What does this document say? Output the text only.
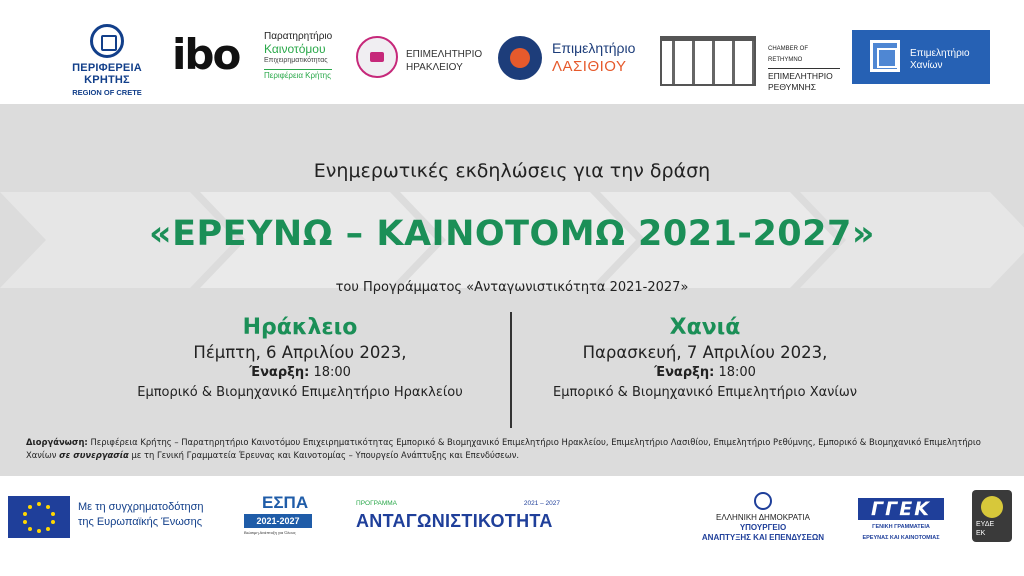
ΠΕΡΙΦΕΡΕΙΑ ΚΡΗΤΗΣ
REGION OF CRETE
ibo Παρατηρητήριο
Καινοτόμου
Επιχειρηματικότητας
Περιφέρεια Κρήτης
ΕΠΙΜΕΛΗΤΗΡΙΟ
ΗΡΑΚΛΕΙΟΥ
Επιμελητήριο
ΛΑΣΙΘΙΟΥ
CHAMBER OF RETHYMNO
ΕΠΙΜΕΛΗΤΗΡΙΟ
ΡΕΘΥΜΝΗΣ
Επιμελητήριο
Χανίων
Ενημερωτικές εκδηλώσεις για την δράση
«ΕΡΕΥΝΩ – ΚΑΙΝΟΤΟΜΩ 2021-2027»
του Προγράμματος «Ανταγωνιστικότητα 2021-2027»
Ηράκλειο
Πέμπτη, 6 Απριλίου 2023,
Έναρξη: 18:00
Εμπορικό & Βιομηχανικό Επιμελητήριο Ηρακλείου
Χανιά
Παρασκευή, 7 Απριλίου 2023,
Έναρξη: 18:00
Εμπορικό & Βιομηχανικό Επιμελητήριο Χανίων
Διοργάνωση: Περιφέρεια Κρήτης – Παρατηρητήριο Καινοτόμου Επιχειρηματικότητας Εμπορικό & Βιομηχανικό Επιμελητήριο Ηρακλείου, Επιμελητήριο Λασιθίου, Επιμελητήριο Ρεθύμνης, Εμπορικό & Βιομηχανικό Επιμελητήριο Χανίων σε συνεργασία με τη Γενική Γραμματεία Έρευνας και Καινοτομίας – Υπουργείο Ανάπτυξης και Επενδύσεων.
Με τη συγχρηματοδότηση
της Ευρωπαϊκής Ένωσης
ΕΣΠΑ
2021-2027
Βιώσιμη Ανάπτυξη για Όλους
ΠΡΟΓΡΑΜΜΑ	2021 – 2027
ΑΝΤΑΓΩΝΙΣΤΙΚΟΤΗΤΑ	ΕΛΛΗΝΙΚΗ ΔΗΜΟΚΡΑΤΙΑ
ΥΠΟΥΡΓΕΙΟ
ΑΝΑΠΤΥΞΗΣ ΚΑΙ ΕΠΕΝΔΥΣΕΩΝ
ΓΓΕΚ
ΓΕΝΙΚΗ ΓΡΑΜΜΑΤΕΙΑ
ΕΡΕΥΝΑΣ ΚΑΙ ΚΑΙΝΟΤΟΜΙΑΣ
ΕΥΔΕ
ΕΚ
